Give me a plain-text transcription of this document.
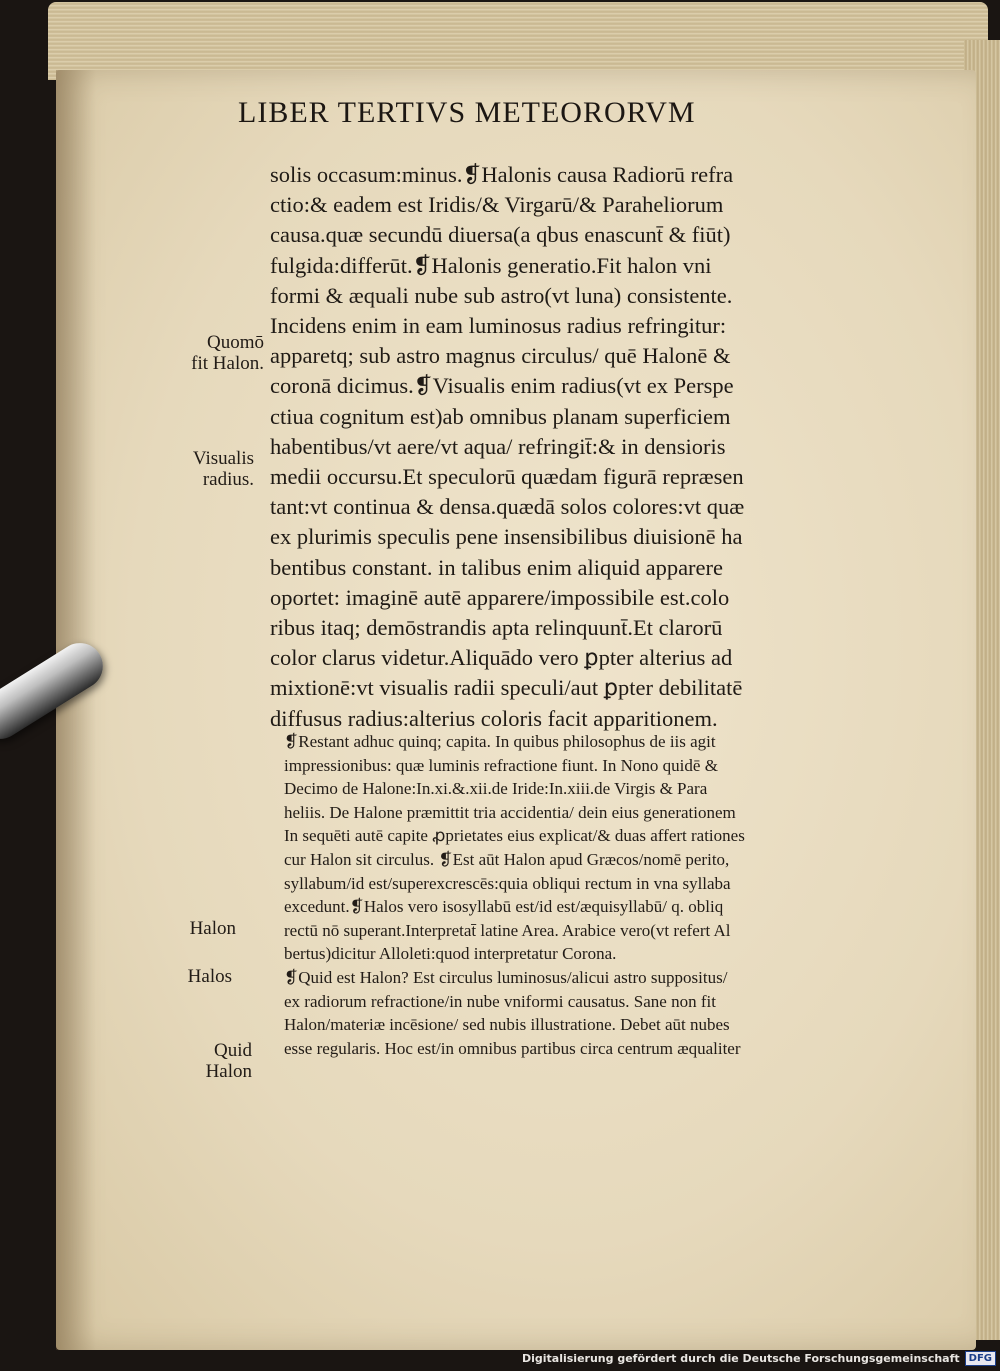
LIBER TERTIVS METEORORVM
Quomō
fit Halon.
Visualis
radius.
Halon
Halos
Quid
Halon
solis occasum:minus.❡Halonis causa Radiorū refra
ctio:& eadem est Iridis/& Virgarū/& Paraheliorum
causa.quæ secundū diuersa(a qbus enascunt̄ & fiūt)
fulgida:differūt.❡Halonis generatio.Fit halon vni
formi & æquali nube sub astro(vt luna) consistente.
Incidens enim in eam luminosus radius refringitur:
apparetq; sub astro magnus circulus/ quē Halonē &
coronā dicimus.❡Visualis enim radius(vt ex Perspe
ctiua cognitum est)ab omnibus planam superficiem
habentibus/vt aere/vt aqua/ refringit̄:& in densioris
medii occursu.Et speculorū quædam figurā repræsen
tant:vt continua & densa.quædā solos colores:vt quæ
ex plurimis speculis pene insensibilibus diuisionē ha
bentibus constant. in talibus enim aliquid apparere
oportet: imaginē autē apparere/impossibile est.colo
ribus itaq; demōstrandis apta relinquunt̄.Et clarorū
color clarus videtur.Aliquādo vero ꝑpter alterius ad
mixtionē:vt visualis radii speculi/aut ꝑpter debilitatē
diffusus radius:alterius coloris facit apparitionem.
❡Restant adhuc quinq; capita. In quibus philosophus de iis agit
impressionibus: quæ luminis refractione fiunt. In Nono quidē &
Decimo de Halone:In.xi.&.xii.de Iride:In.xiii.de Virgis & Para
heliis. De Halone præmittit tria accidentia/ dein eius generationem
In sequēti autē capite ꝓprietates eius explicat/& duas affert rationes
cur Halon sit circulus. ❡Est aūt Halon apud Græcos/nomē perito,
syllabum/id est/superexcrescēs:quia obliqui rectum in vna syllaba
excedunt.❡Halos vero isosyllabū est/id est/æquisyllabū/ q. obliq
rectū nō superant.Interpretat̄ latine Area. Arabice vero(vt refert Al
bertus)dicitur Alloleti:quod interpretatur Corona.
❡Quid est Halon? Est circulus luminosus/alicui astro suppositus/
ex radiorum refractione/in nube vniformi causatus. Sane non fit
Halon/materiæ incēsione/ sed nubis illustratione. Debet aūt nubes
esse regularis. Hoc est/in omnibus partibus circa centrum æqualiter
Digitalisierung gefördert durch die Deutsche Forschungsgemeinschaft DFG
